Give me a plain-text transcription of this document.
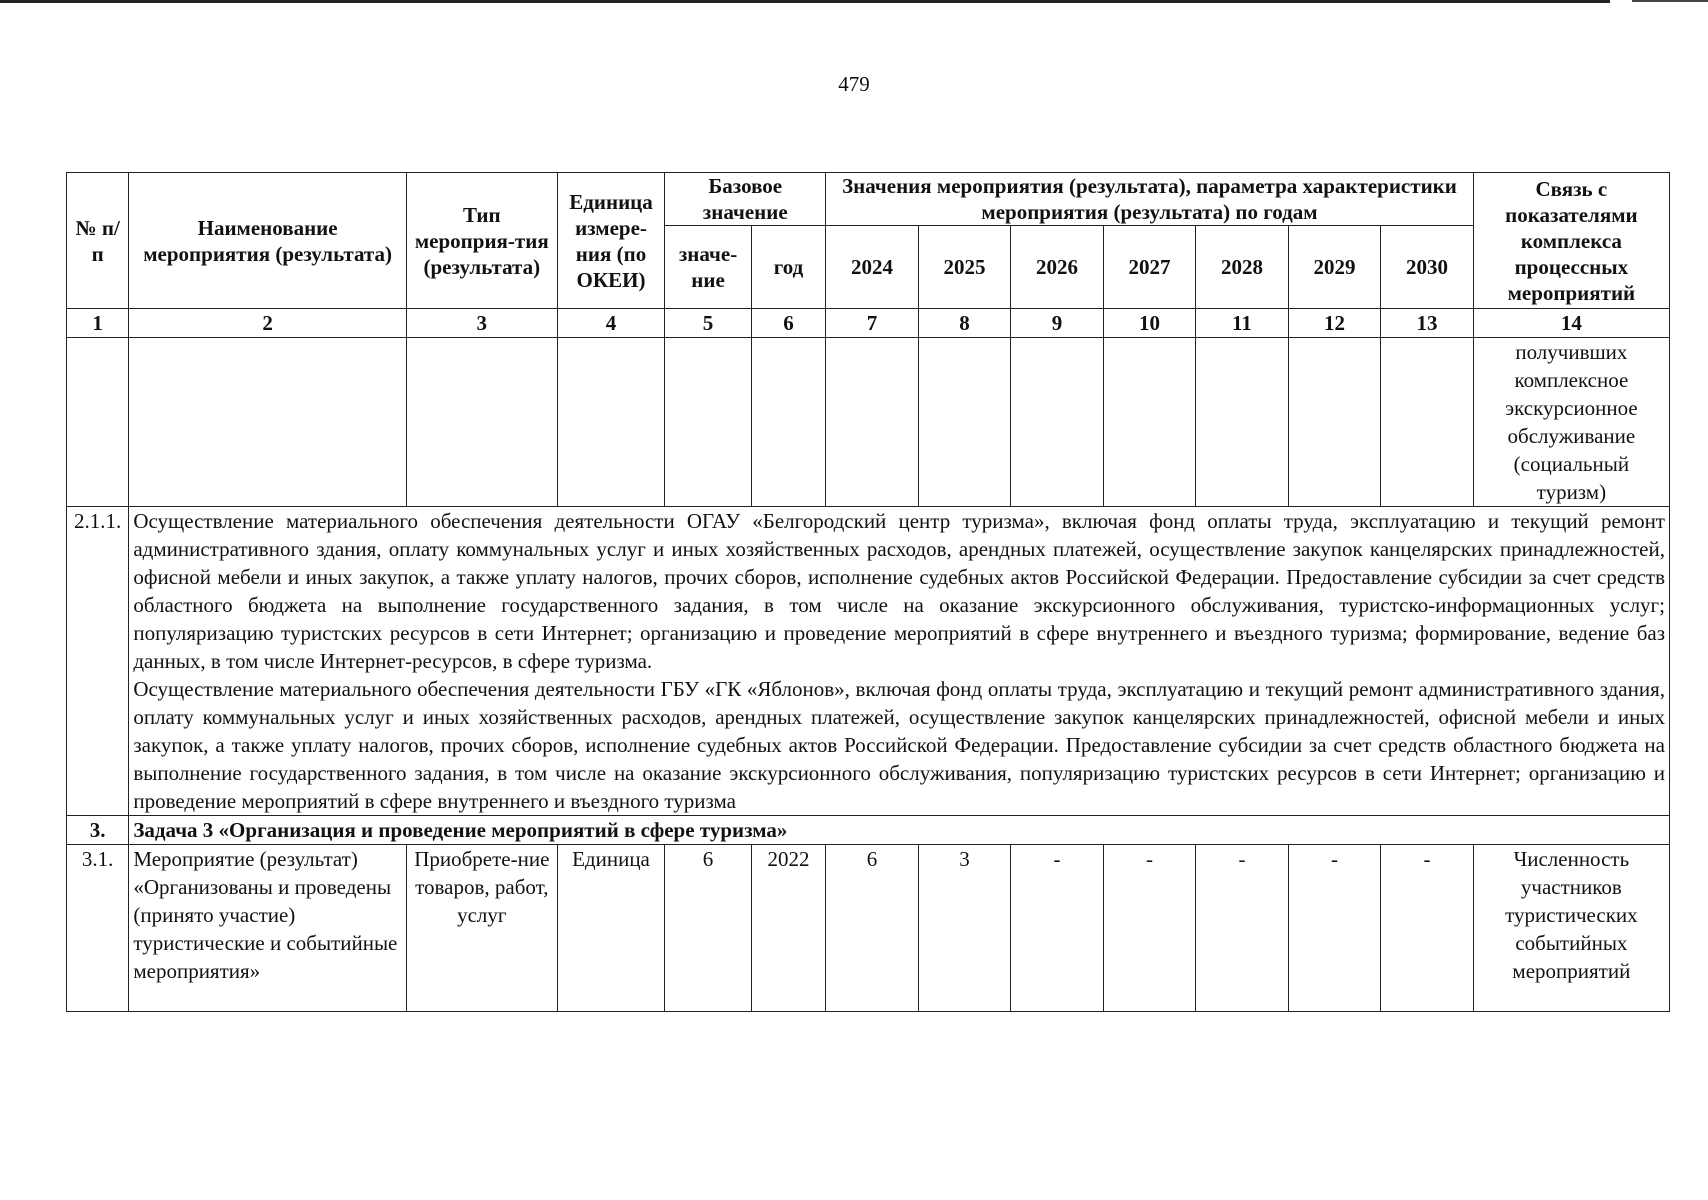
479
№ п/п	Наименование мероприятия (результата)	Тип мероприя-тия (результата)	Единица измере-ния (по ОКЕИ)	Базовое значение		Значения мероприятия (результата), параметра характеристики мероприятия (результата) по годам							Связь с показателями комплекса процессных мероприятий
				значе-ние	год	2024	2025	2026	2027	2028	2029	2030	
1	2	3	4	5	6	7	8	9	10	11	12	13	14
													получивших комплексное экскурсионное обслуживание (социальный туризм)
2.1.1.	Осуществление материального обеспечения деятельности ОГАУ «Белгородский центр туризма», включая фонд оплаты труда, эксплуатацию и текущий ремонт административного здания, оплату коммунальных услуг и иных хозяйственных расходов, арендных платежей, осуществление закупок канцелярских принадлежностей, офисной мебели и иных закупок, а также уплату налогов, прочих сборов, исполнение судебных актов Российской Федерации. Предоставление субсидии за счет средств областного бюджета на выполнение государственного задания, в том числе на оказание экскурсионного обслуживания, туристско-информационных услуг; популяризацию туристских ресурсов в сети Интернет; организацию и проведение мероприятий в сфере внутреннего и въездного туризма; формирование, ведение баз данных, в том числе Интернет-ресурсов, в сфере туризма.
Осуществление материального обеспечения деятельности ГБУ «ГК «Яблонов», включая фонд оплаты труда, эксплуатацию и текущий ремонт административного здания, оплату коммунальных услуг и иных хозяйственных расходов, арендных платежей, осуществление закупок канцелярских принадлежностей, офисной мебели и иных закупок, а также уплату налогов, прочих сборов, исполнение судебных актов Российской Федерации. Предоставление субсидии за счет средств областного бюджета на выполнение государственного задания, в том числе на оказание экскурсионного обслуживания, популяризацию туристских ресурсов в сети Интернет; организацию и проведение мероприятий в сфере внутреннего и въездного туризма												

3.	Задача 3 «Организация и проведение мероприятий в сфере туризма»												
3.1.	Мероприятие (результат) «Организованы и проведены (принято участие) туристические и событийные мероприятия»	Приобрете-ние товаров, работ, услуг	Единица	6	2022	6	3	-	-	-	-	-	Численность участников туристических событийных мероприятий
